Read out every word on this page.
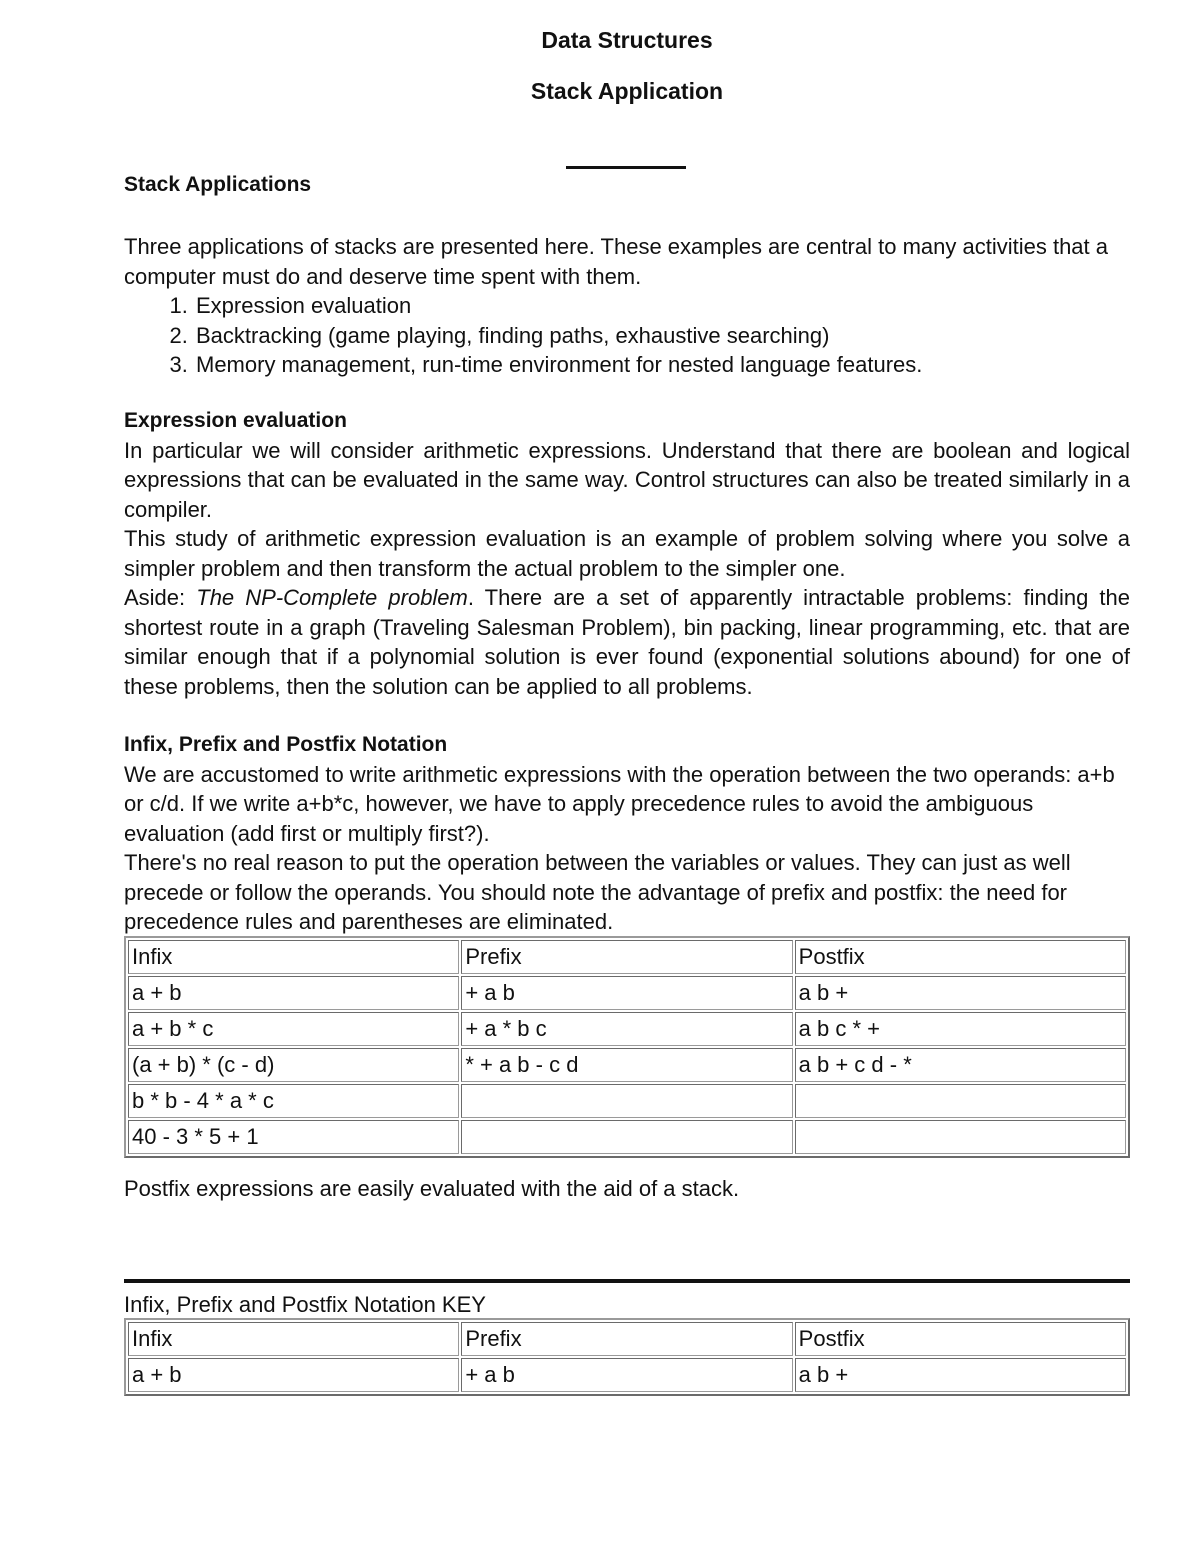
Data Structures
Stack Application
Stack Applications
Three applications of stacks are presented here. These examples are central to many activities that a computer must do and deserve time spent with them.
1. Expression evaluation
2. Backtracking (game playing, finding paths, exhaustive searching)
3. Memory management, run-time environment for nested language features.
Expression evaluation
In particular we will consider arithmetic expressions. Understand that there are boolean and logical expressions that can be evaluated in the same way. Control structures can also be treated similarly in a compiler.
This study of arithmetic expression evaluation is an example of problem solving where you solve a simpler problem and then transform the actual problem to the simpler one.
Aside: The NP-Complete problem. There are a set of apparently intractable problems: finding the shortest route in a graph (Traveling Salesman Problem), bin packing, linear programming, etc. that are similar enough that if a polynomial solution is ever found (exponential solutions abound) for one of these problems, then the solution can be applied to all problems.
Infix, Prefix and Postfix Notation
We are accustomed to write arithmetic expressions with the operation between the two operands: a+b or c/d. If we write a+b*c, however, we have to apply precedence rules to avoid the ambiguous evaluation (add first or multiply first?).
There's no real reason to put the operation between the variables or values. They can just as well precede or follow the operands. You should note the advantage of prefix and postfix: the need for precedence rules and parentheses are eliminated.
Infix	Prefix	Postfix
a + b	+ a b	a b +
a + b * c	+ a * b c	a b c * +
(a + b) * (c - d)	* + a b - c d	a b + c d - *
b * b - 4 * a * c		
40 - 3 * 5 + 1		
Postfix expressions are easily evaluated with the aid of a stack.
Infix, Prefix and Postfix Notation KEY
Infix	Prefix	Postfix
a + b	+ a b	a b +
